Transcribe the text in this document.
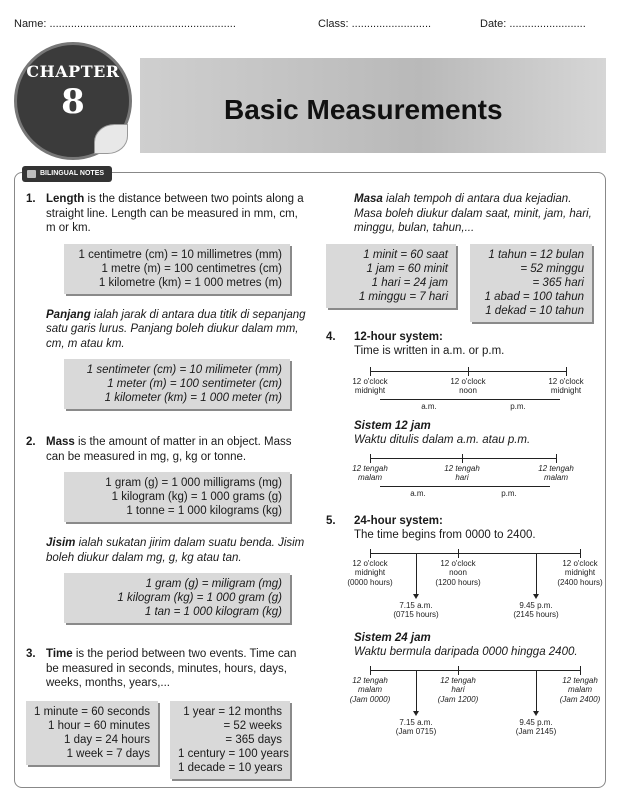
Name: .............................................................	Class: ..........................	Date: .........................
Basic Measurements
CHAPTER
8
BILINGUAL NOTES
1. Length is the distance between two points along a straight line. Length can be measured in mm, cm, m or km.
1 centimetre (cm) = 10 millimetres (mm)
1 metre (m) = 100 centimetres (cm)
1 kilometre (km) = 1 000 metres (m)
Panjang ialah jarak di antara dua titik di sepanjang satu garis lurus. Panjang boleh diukur dalam mm, cm, m atau km.
1 sentimeter (cm) = 10 milimeter (mm)
1 meter (m) = 100 sentimeter (cm)
1 kilometer (km) = 1 000 meter (m)
2. Mass is the amount of matter in an object. Mass can be measured in mg, g, kg or tonne.
1 gram (g) = 1 000 milligrams (mg)
1 kilogram (kg) = 1 000 grams (g)
1 tonne = 1 000 kilograms (kg)
Jisim ialah sukatan jirim dalam suatu benda. Jisim boleh diukur dalam mg, g, kg atau tan.
1 gram (g) = miligram (mg)
1 kilogram (kg) = 1 000 gram (g)
1 tan = 1 000 kilogram (kg)
3. Time is the period between two events. Time can be measured in seconds, minutes, hours, days, weeks, months, years,...
1 minute = 60 seconds
1 hour = 60 minutes
1 day = 24 hours
1 week = 7 days
1 year = 12 months
= 52 weeks
= 365 days
1 century = 100 years
1 decade = 10 years
Masa ialah tempoh di antara dua kejadian. Masa boleh diukur dalam saat, minit, jam, hari, minggu, bulan, tahun,...
1 minit = 60 saat
1 jam = 60 minit
1 hari = 24 jam
1 minggu = 7 hari
1 tahun = 12 bulan
= 52 minggu
= 365 hari
1 abad = 100 tahun
1 dekad = 10 tahun
4. 12-hour system:
Time is written in a.m. or p.m.
12 o'clock
midnight
12 o'clock
noon
12 o'clock
midnight
a.m.	p.m.
Sistem 12 jam
Waktu ditulis dalam a.m. atau p.m.
12 tengah
malam
12 tengah
hari
12 tengah
malam
a.m.	p.m.
5. 24-hour system:
The time begins from 0000 to 2400.
12 o'clock
midnight
(0000 hours)
12 o'clock
noon
(1200 hours)
12 o'clock
midnight
(2400 hours)
7.15 a.m.
(0715 hours)
9.45 p.m.
(2145 hours)
Sistem 24 jam
Waktu bermula daripada 0000 hingga 2400.
12 tengah
malam
(Jam 0000)
12 tengah
hari
(Jam 1200)
12 tengah
malam
(Jam 2400)
7.15 a.m.
(Jam 0715)
9.45 p.m.
(Jam 2145)
